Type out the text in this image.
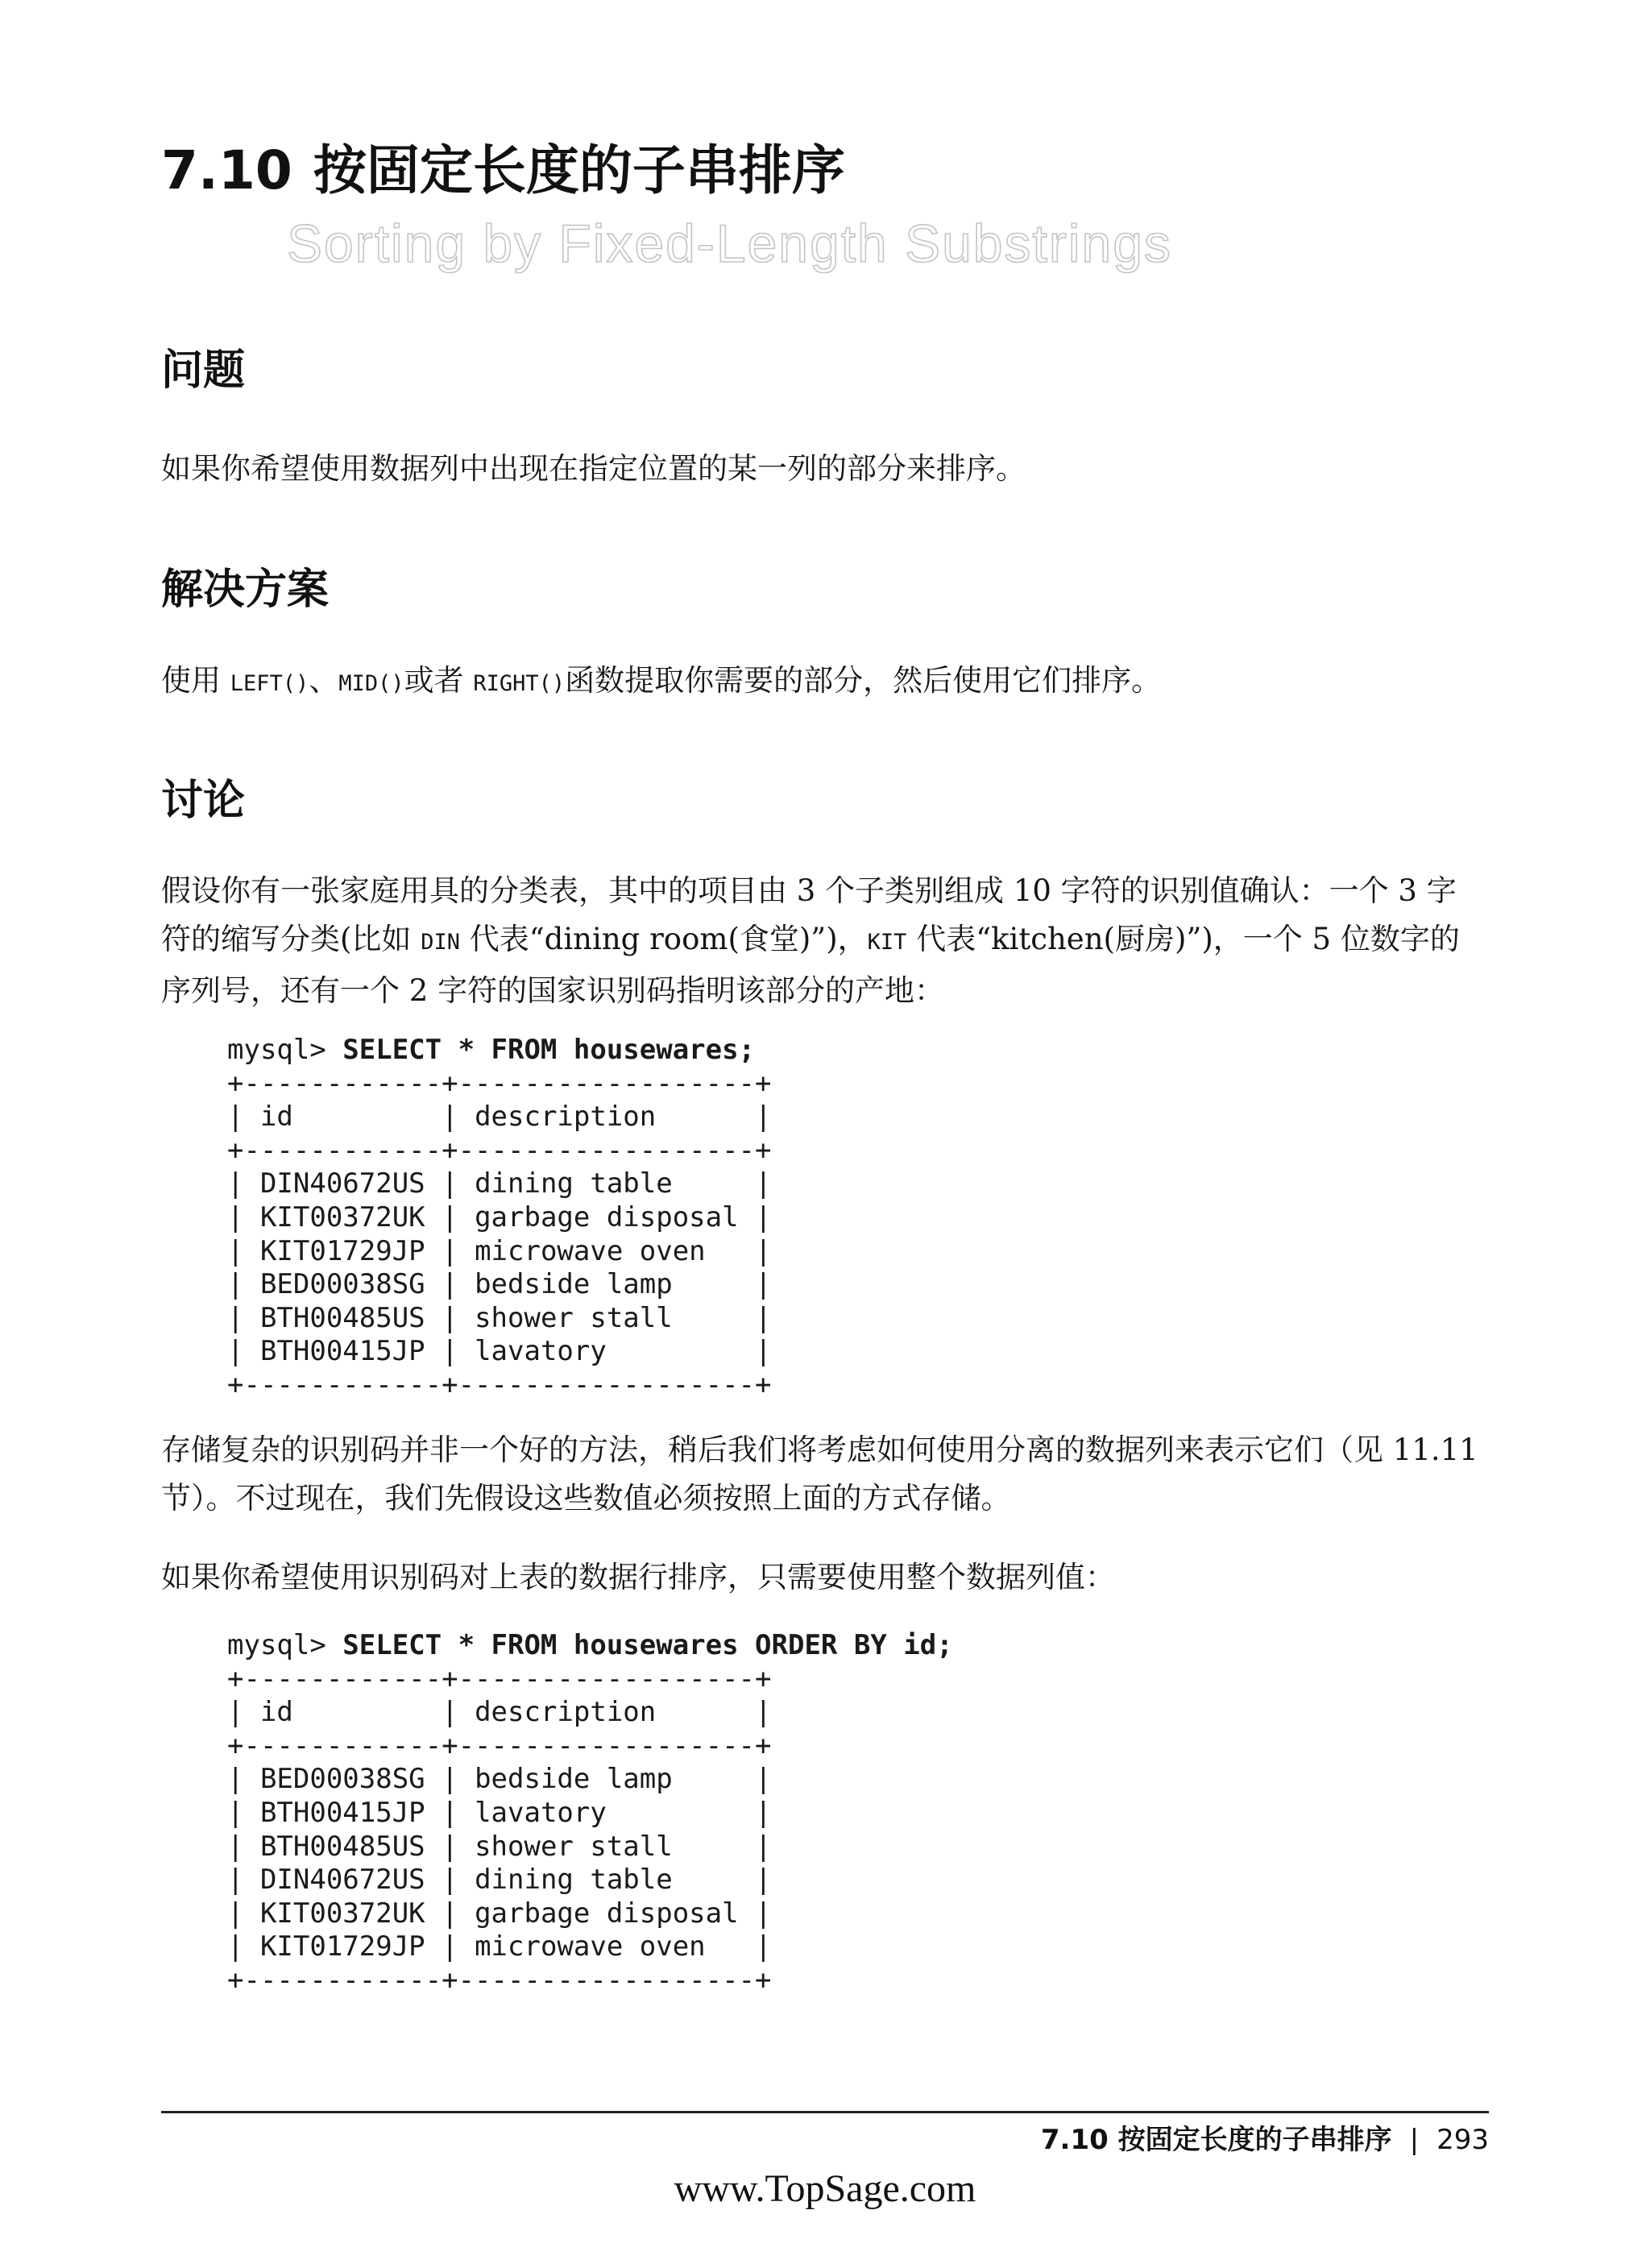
7.10 按固定长度的子串排序
Sorting by Fixed-Length Substrings
问题
如果你希望使用数据列中出现在指定位置的某一列的部分来排序。
解决方案
使用 LEFT()、MID()或者 RIGHT()函数提取你需要的部分，然后使用它们排序。
讨论
假设你有一张家庭用具的分类表，其中的项目由 3 个子类别组成 10 字符的识别值确认：一个 3 字符的缩写分类(比如 DIN 代表“dining room(食堂)”)，KIT 代表“kitchen(厨房)”)，一个 5 位数字的序列号，还有一个 2 字符的国家识别码指明该部分的产地：
mysql> SELECT * FROM housewares;
+------------+------------------+
| id         | description	|
+------------+------------------+
| DIN40672US | dining table	|
| KIT00372UK | garbage disposal |
| KIT01729JP | microwave oven   |
| BED00038SG | bedside lamp	|
| BTH00485US | shower stall	|
| BTH00415JP | lavatory	|
+------------+------------------+
存储复杂的识别码并非一个好的方法，稍后我们将考虑如何使用分离的数据列来表示它们（见 11.11 节）。不过现在，我们先假设这些数值必须按照上面的方式存储。
如果你希望使用识别码对上表的数据行排序，只需要使用整个数据列值：
mysql> SELECT * FROM housewares ORDER BY id;
+------------+------------------+
| id         | description	|
+------------+------------------+
| BED00038SG | bedside lamp	|
| BTH00415JP | lavatory	|
| BTH00485US | shower stall	|
| DIN40672US | dining table	|
| KIT00372UK | garbage disposal |
| KIT01729JP | microwave oven   |
+------------+------------------+
7.10 按固定长度的子串排序 | 293
www.TopSage.com
